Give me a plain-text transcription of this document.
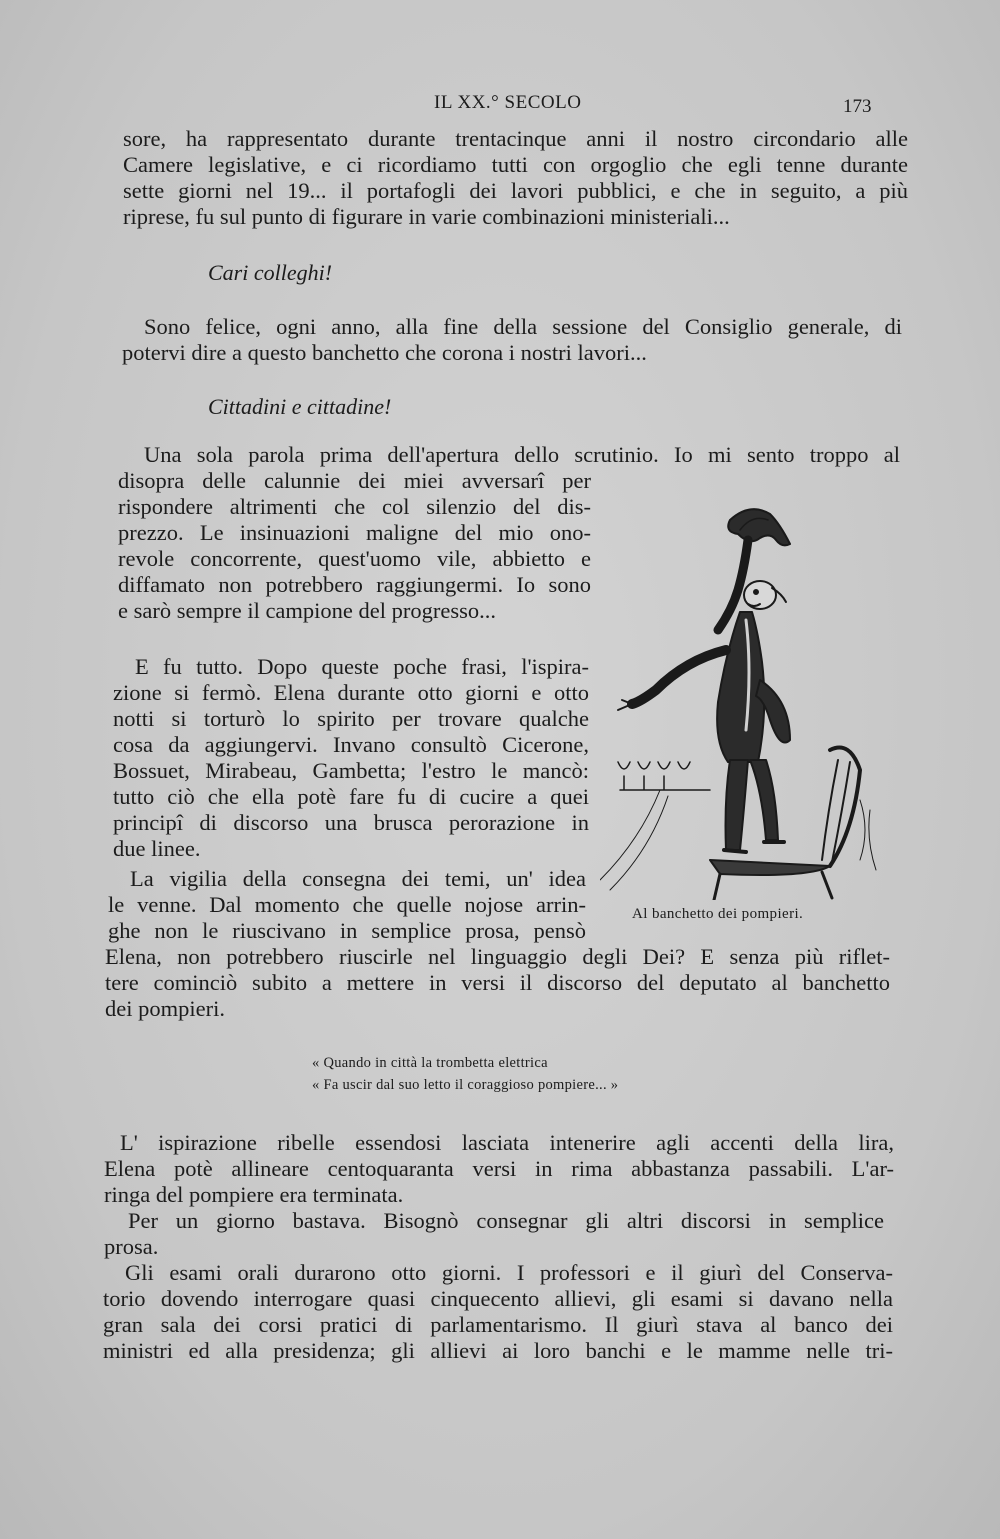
IL XX.° SECOLO	173
sore, ha rappresentato durante trentacinque anni il nostro circondario alle
Camere legislative, e ci ricordiamo tutti con orgoglio che egli tenne durante
sette giorni nel 19... il portafogli dei lavori pubblici, e che in seguito, a più
riprese, fu sul punto di figurare in varie combinazioni ministeriali...
Cari colleghi!
Sono felice, ogni anno, alla fine della sessione del Consiglio generale, di
potervi dire a questo banchetto che corona i nostri lavori...
Cittadini e cittadine!
Una sola parola prima dell'apertura dello scrutinio. Io mi sento troppo al
disopra delle calunnie dei miei avversarî per
rispondere altrimenti che col silenzio del dis-
prezzo. Le insinuazioni maligne del mio ono-
revole concorrente, quest'uomo vile, abbietto e
diffamato non potrebbero raggiungermi. Io sono
e sarò sempre il campione del progresso...
E fu tutto. Dopo queste poche frasi, l'ispira-
zione si fermò. Elena durante otto giorni e otto
notti si torturò lo spirito per trovare qualche
cosa da aggiungervi. Invano consultò Cicerone,
Bossuet, Mirabeau, Gambetta; l'estro le mancò:
tutto ciò che ella potè fare fu di cucire a quei
principî di discorso una brusca perorazione in
due linee.
La vigilia della consegna dei temi, un' idea
le venne. Dal momento che quelle nojose arrin-
ghe non le riuscivano in semplice prosa, pensò
Elena, non potrebbero riuscirle nel linguaggio degli Dei? E senza più riflet-
tere cominciò subito a mettere in versi il discorso del deputato al banchetto
dei pompieri.
« Quando in città la trombetta elettrica
« Fa uscir dal suo letto il coraggioso pompiere... »
L' ispirazione ribelle essendosi lasciata intenerire agli accenti della lira,
Elena potè allineare centoquaranta versi in rima abbastanza passabili. L'ar-
ringa del pompiere era terminata.
Per un giorno bastava. Bisognò consegnar gli altri discorsi in semplice
prosa.
Gli esami orali durarono otto giorni. I professori e il giurì del Conserva-
torio dovendo interrogare quasi cinquecento allievi, gli esami si davano nella
gran sala dei corsi pratici di parlamentarismo. Il giurì stava al banco dei
ministri ed alla presidenza; gli allievi ai loro banchi e le mamme nelle tri-
Al banchetto dei pompieri.
